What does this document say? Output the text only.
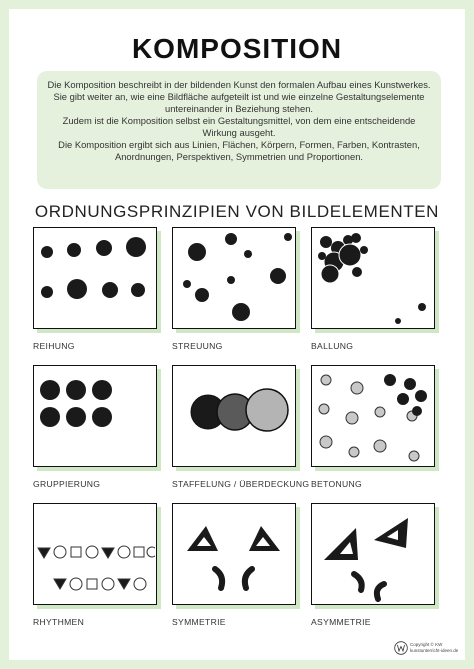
KOMPOSITION

Die Komposition beschreibt in der bildenden Kunst den formalen Aufbau eines Kunstwerkes.

Sie gibt weiter an, wie eine Bildfläche aufgeteilt ist und wie einzelne Gestaltungselemente untereinander in Beziehung stehen.

Zudem ist die Komposition selbst ein Gestaltungsmittel, von dem eine entscheidende Wirkung ausgeht.

Die Komposition ergibt sich aus Linien, Flächen, Körpern, Formen, Farben, Kontrasten, Anordnungen, Perspektiven, Symmetrien und Proportionen.

ORDNUNGSPRINZIPIEN VON BILDELEMENTEN
REIHUNG	STREUUNG	BALLUNG
GRUPPIERUNG	STAFFELUNG / ÜBERDECKUNG BETONUNG
RHYTHMEN	SYMMETRIE	ASYMMETRIE
Copyright © KW
kunstunterricht-ideen.de
